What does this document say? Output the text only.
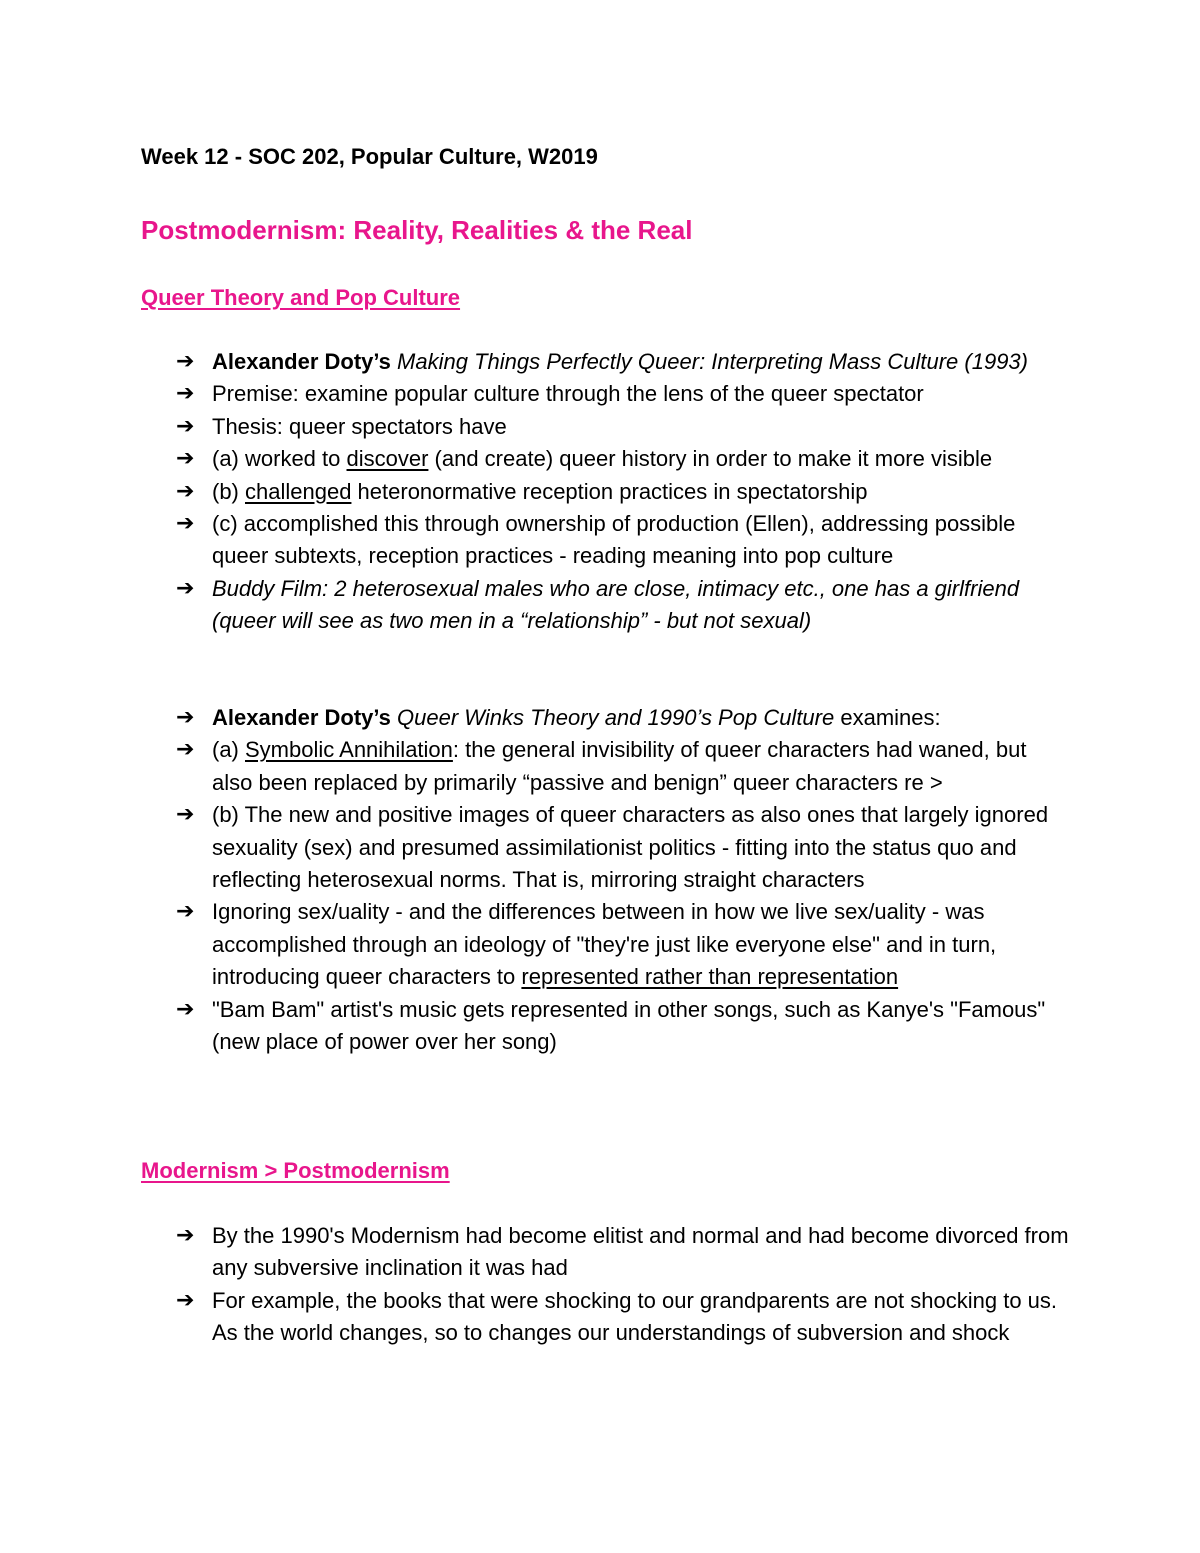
Week 12 - SOC 202, Popular Culture, W2019
Postmodernism: Reality, Realities & the Real
Queer Theory and Pop Culture
➔ Alexander Doty’s Making Things Perfectly Queer: Interpreting Mass Culture (1993)
➔ Premise: examine popular culture through the lens of the queer spectator
➔ Thesis: queer spectators have
➔ (a) worked to discover (and create) queer history in order to make it more visible
➔ (b) challenged heteronormative reception practices in spectatorship
➔ (c) accomplished this through ownership of production (Ellen), addressing possible queer subtexts, reception practices - reading meaning into pop culture
➔ Buddy Film: 2 heterosexual males who are close, intimacy etc., one has a girlfriend (queer will see as two men in a “relationship” - but not sexual)
➔ Alexander Doty’s Queer Winks Theory and 1990’s Pop Culture examines:
➔ (a) Symbolic Annihilation: the general invisibility of queer characters had waned, but also been replaced by primarily “passive and benign” queer characters re >
➔ (b) The new and positive images of queer characters as also ones that largely ignored sexuality (sex) and presumed assimilationist politics - fitting into the status quo and reflecting heterosexual norms. That is, mirroring straight characters
➔ Ignoring sex/uality - and the differences between in how we live sex/uality - was accomplished through an ideology of "they're just like everyone else" and in turn, introducing queer characters to represented rather than representation
➔ "Bam Bam" artist's music gets represented in other songs, such as Kanye's "Famous" (new place of power over her song)
Modernism > Postmodernism
➔ By the 1990's Modernism had become elitist and normal and had become divorced from any subversive inclination it was had
➔ For example, the books that were shocking to our grandparents are not shocking to us. As the world changes, so to changes our understandings of subversion and shock
